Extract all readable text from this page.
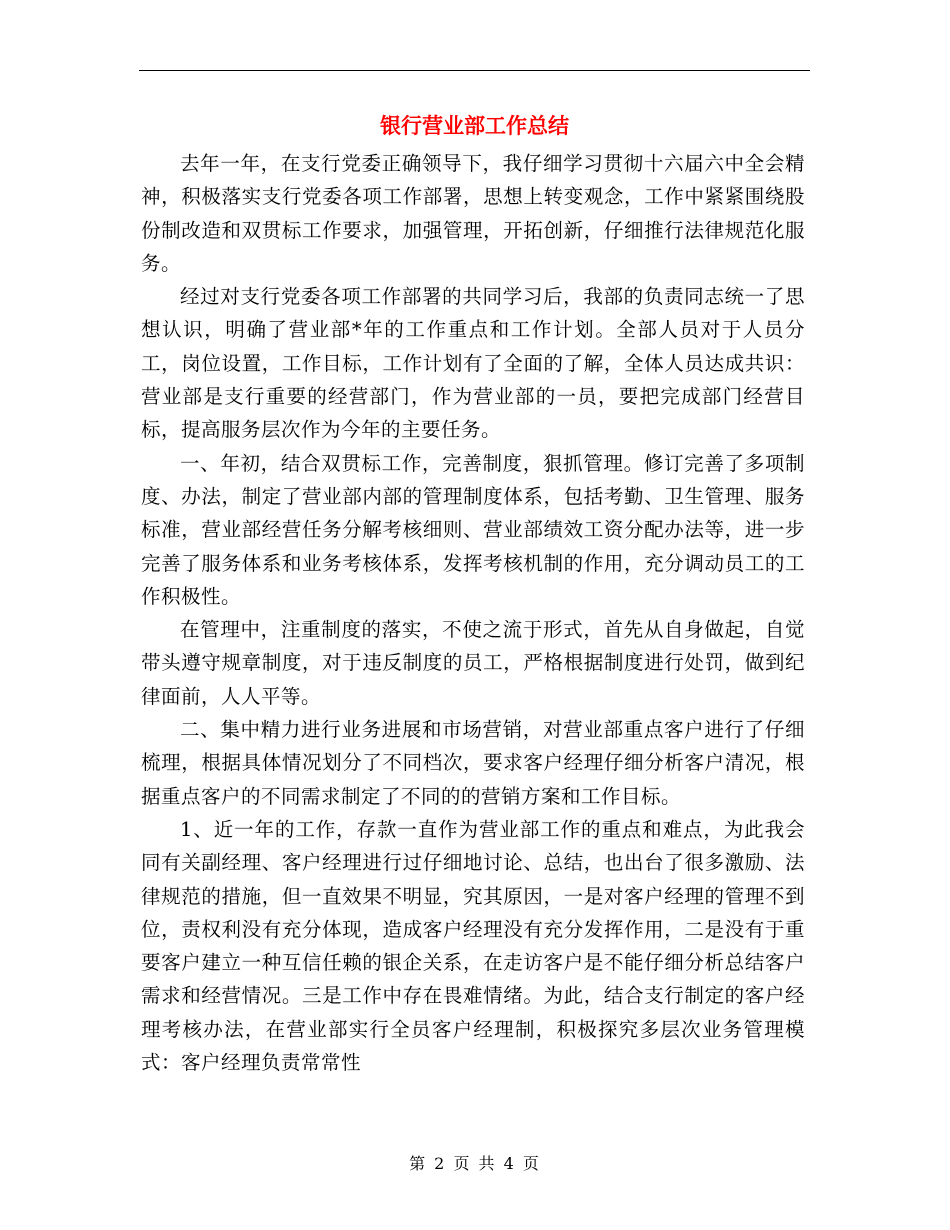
银行营业部工作总结

去年一年，在支行党委正确领导下，我仔细学习贯彻十六届六中全会精神，积极落实支行党委各项工作部署，思想上转变观念，工作中紧紧围绕股份制改造和双贯标工作要求，加强管理，开拓创新，仔细推行法律规范化服务。

经过对支行党委各项工作部署的共同学习后，我部的负责同志统一了思想认识，明确了营业部*年的工作重点和工作计划。全部人员对于人员分工，岗位设置，工作目标，工作计划有了全面的了解，全体人员达成共识：营业部是支行重要的经营部门，作为营业部的一员，要把完成部门经营目标，提高服务层次作为今年的主要任务。

一、年初，结合双贯标工作，完善制度，狠抓管理。修订完善了多项制度、办法，制定了营业部内部的管理制度体系，包括考勤、卫生管理、服务标准，营业部经营任务分解考核细则、营业部绩效工资分配办法等，进一步完善了服务体系和业务考核体系，发挥考核机制的作用，充分调动员工的工作积极性。

在管理中，注重制度的落实，不使之流于形式，首先从自身做起，自觉带头遵守规章制度，对于违反制度的员工，严格根据制度进行处罚，做到纪律面前，人人平等。

二、集中精力进行业务进展和市场营销，对营业部重点客户进行了仔细梳理，根据具体情况划分了不同档次，要求客户经理仔细分析客户清况，根据重点客户的不同需求制定了不同的的营销方案和工作目标。

1、近一年的工作，存款一直作为营业部工作的重点和难点，为此我会同有关副经理、客户经理进行过仔细地讨论、总结，也出台了很多激励、法律规范的措施，但一直效果不明显，究其原因，一是对客户经理的管理不到位，责权利没有充分体现，造成客户经理没有充分发挥作用，二是没有于重要客户建立一种互信任赖的银企关系，在走访客户是不能仔细分析总结客户需求和经营情况。三是工作中存在畏难情绪。为此，结合支行制定的客户经理考核办法，在营业部实行全员客户经理制，积极探究多层次业务管理模式：客户经理负责常常性

第 2 页 共 4 页
